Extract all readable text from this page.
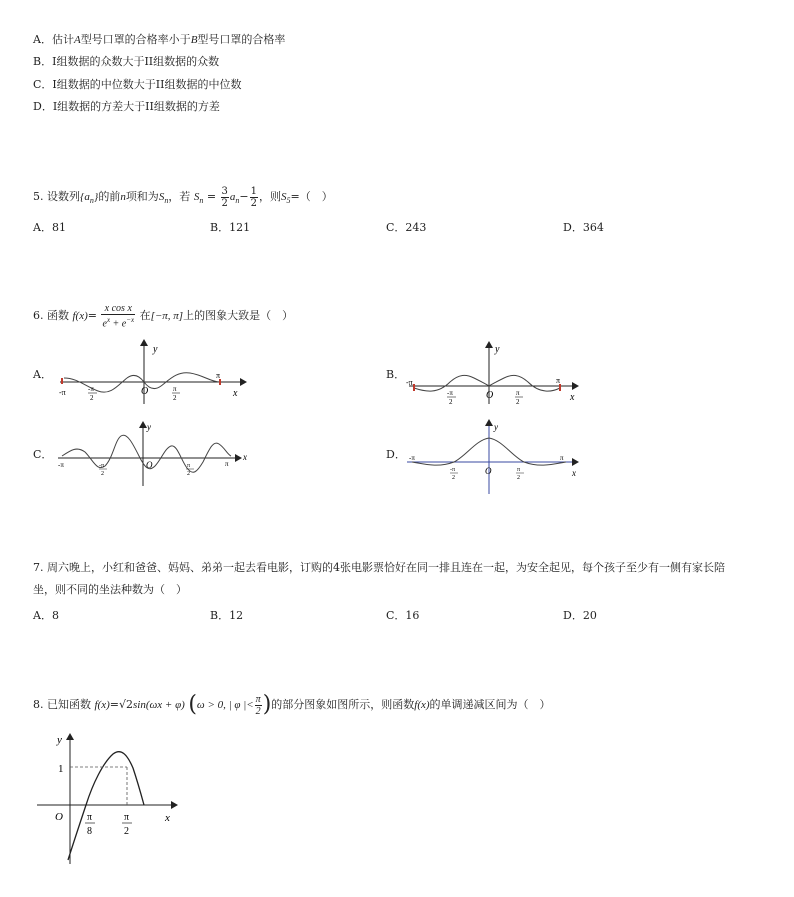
A．估计A型号口罩的合格率小于B型号口罩的合格率
B．I组数据的众数大于II组数据的众数
C．I组数据的中位数大于II组数据的中位数
D．I组数据的方差大于II组数据的方差
5. 设数列$\{a_n\}$的前n项和为$S_n$，若 $S_n = \frac{3}{2} a_n- \frac{1}{2}$ ，则$S_5=$（　）
A．81	B．121	C．243	D．364
6. 函数 $f(x)= \frac{\text{x cos x}}{e^x + e^{-x}}$ 在[−π, π]上的图象大致是（　）
A．	B．
C．	D．
y
x
O
-π
π
-π
2
π
2
y
x
O
-π	π
-π
2
π
2
y
x
O
-π	π
-π
2
π
2
y
x
O
-π	π
-π
2
π
2
7. 周六晚上，小红和爸爸、妈妈、弟弟一起去看电影，订购的4张电影票恰好在同一排且连在一起，为安全起见，每个孩子至少有一侧有家长陪
坐，则不同的坐法种数为（　）
A．8	B．12	C．16	D．20
8. 已知函数 f(x)=√2sin(ωx + φ) (ω > 0, | φ |< $\frac{\pi}{2}$ )的部分图象如图所示，则函数f(x)的单调递减区间为（　）
y
x
O
1
π
8
π
2
